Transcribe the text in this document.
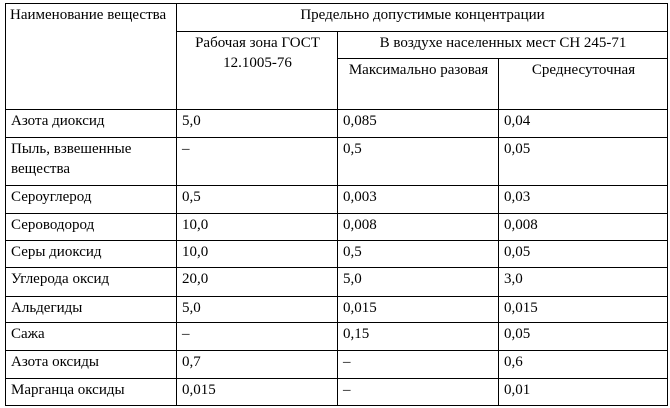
Наименование вещества	Предельно допустимые концентрации		
	Рабочая зона ГОСТ 12.1005-76	В воздухе населенных мест СН 245-71	
		Максимально разовая	Среднесуточная
Азота диоксид	5,0	0,085	0,04
Пыль, взвешенные вещества	–	0,5	0,05
Сероуглерод	0,5	0,003	0,03
Сероводород	10,0	0,008	0,008
Серы диоксид	10,0	0,5	0,05
Углерода оксид	20,0	5,0	3,0
Альдегиды	5,0	0,015	0,015
Сажа	–	0,15	0,05
Азота оксиды	0,7	–	0,6
Марганца оксиды	0,015	–	0,01
